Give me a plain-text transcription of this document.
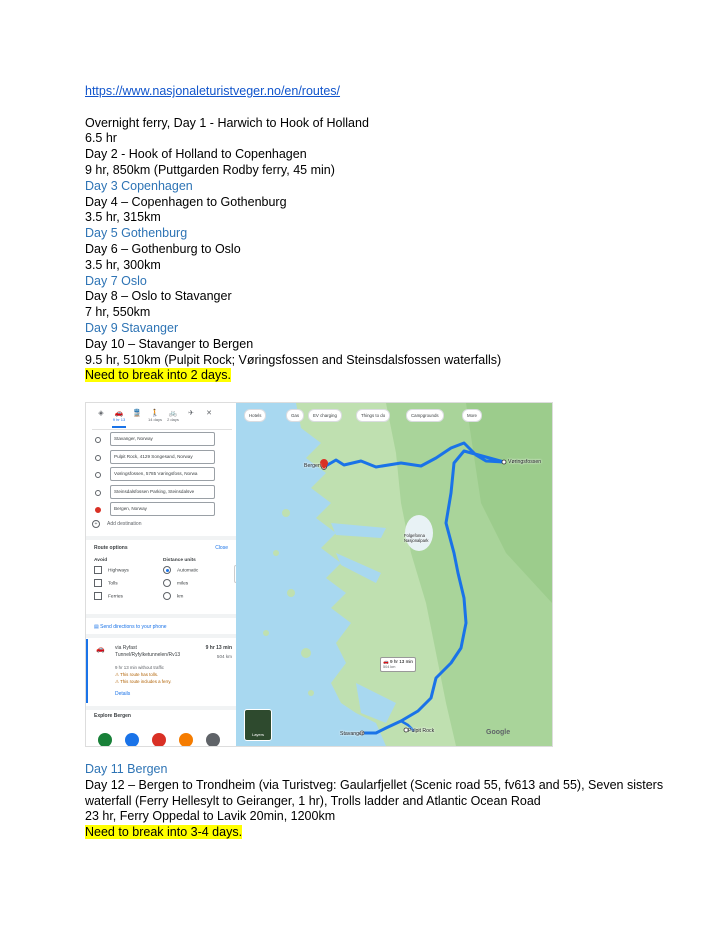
https://www.nasjonaleturistveger.no/en/routes/
Overnight ferry, Day 1 - Harwich to Hook of Holland
6.5 hr
Day 2 - Hook of Holland to Copenhagen
9 hr, 850km (Puttgarden Rodby ferry, 45 min)
Day 3 Copenhagen
Day 4 – Copenhagen to Gothenburg
3.5 hr, 315km
Day 5 Gothenburg
Day 6 – Gothenburg to Oslo
3.5 hr, 300km
Day 7 Oslo
Day 8 – Oslo to Stavanger
7 hr, 550km
Day 9 Stavanger
Day 10 – Stavanger to Bergen
9.5 hr, 510km (Pulpit Rock; Vøringsfossen and Steinsdalsfossen waterfalls)
Need to break into 2 days.
◈	🚗
9 hr 13
🚆	🚶
14 days
🚲
2 days
✈	✕
Stavanger, Norway
Pulpit Rock, 4129 Songesand, Norway
Vøringsfossen, 5785 Vøringsfoss, Norwa
Steinsdalsfossen Parking, Steinsdalsve
Bergen, Norway
+ Add destination
Route options	Close
Avoid
Highways
Tolls
Ferries
Distance units
Automatic
miles
km
▤ Send directions to your phone
🚗 via Ryfast Tunnel/Ryfylketunnelen/Rv13
9 hr 13 min
504 km
9 hr 13 min without traffic
⚠ This route has tolls.
⚠ This route includes a ferry.
Details
Explore Bergen
Hotels	Gas	EV charging	Things to do	Campgrounds	More
Bergen
Vøringsfossen
Stavanger	Pulpit Rock
Folgefonna Nasjonalpark
🚗 9 hr 13 min
504 km
Layers	Google
Day 11 Bergen
Day 12 – Bergen to Trondheim (via Turistveg: Gaularfjellet (Scenic road 55, fv613 and 55), Seven sisters
waterfall (Ferry Hellesylt to Geiranger, 1 hr), Trolls ladder and Atlantic Ocean Road
23 hr, Ferry Oppedal to Lavik 20min, 1200km
Need to break into 3-4 days.
